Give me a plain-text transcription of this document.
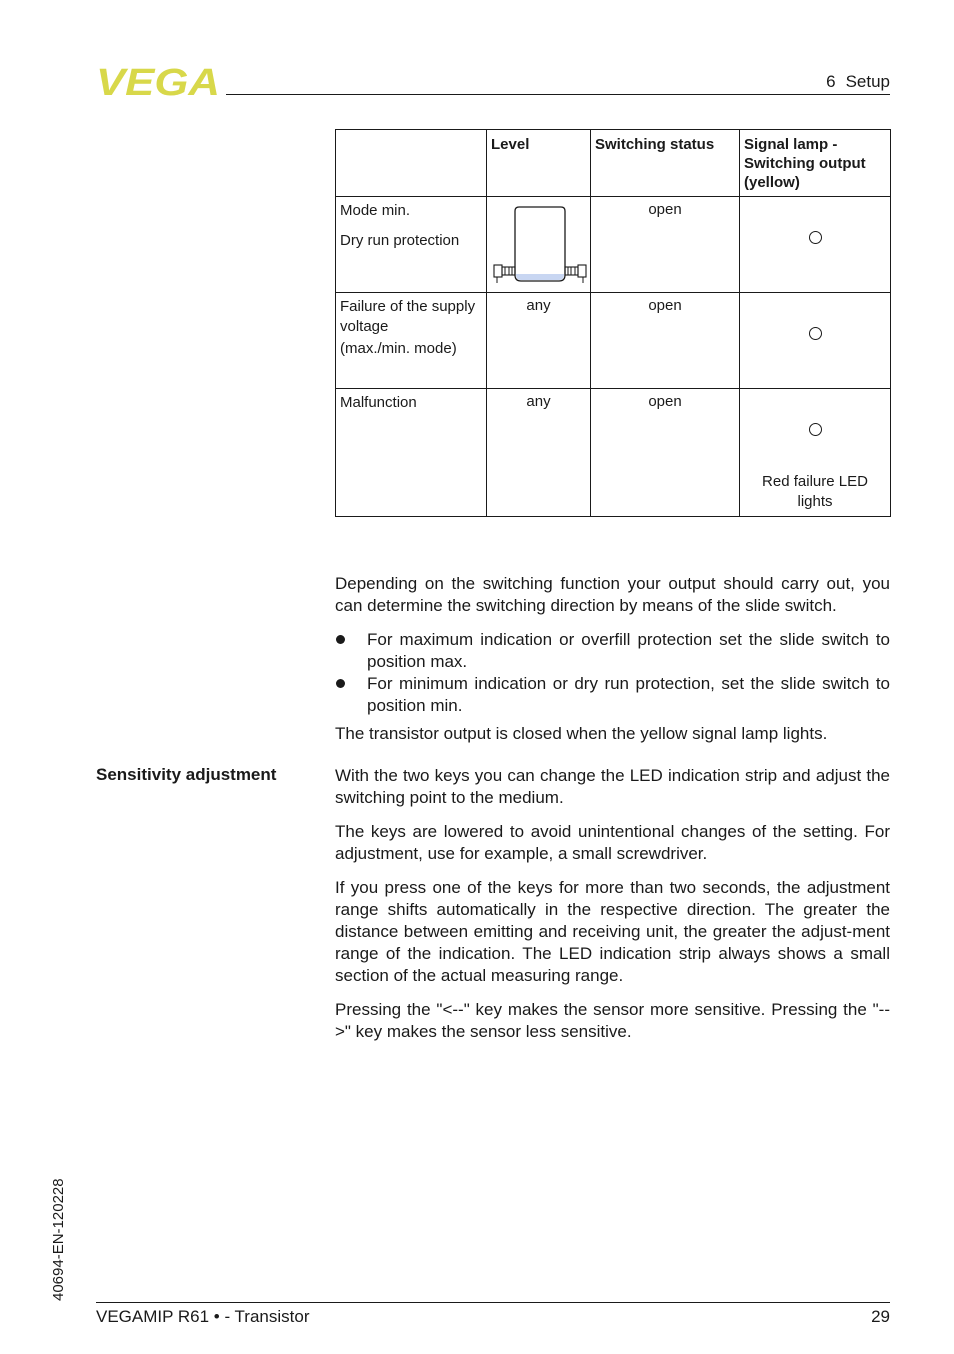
VEGA	6 Setup
	Level	Switching status	Signal lamp - Switching output (yellow)

Mode min.
Dry run protection		open	

Failure of the supply voltage
(max./min. mode)	any	open	

Malfunction	any	open	Red failure LED lights

Depending on the switching function your output should carry out, you can determine the switching direction by means of the slide switch.

For maximum indication or overfill protection set the slide switch to position max.
For minimum indication or dry run protection, set the slide switch to position min.

The transistor output is closed when the yellow signal lamp lights.

Sensitivity adjustment	With the two keys you can change the LED indication strip and adjust the switching point to the medium.

The keys are lowered to avoid unintentional changes of the setting. For adjustment, use for example, a small screwdriver.

If you press one of the keys for more than two seconds, the adjustment range shifts automatically in the respective direction. The greater the distance between emitting and receiving unit, the greater the adjust-ment range of the indication. The LED indication strip always shows a small section of the actual measuring range.

Pressing the "<--" key makes the sensor more sensitive. Pressing the "-->" key makes the sensor less sensitive.

40694-EN-120228
VEGAMIP R61 • - Transistor	29
